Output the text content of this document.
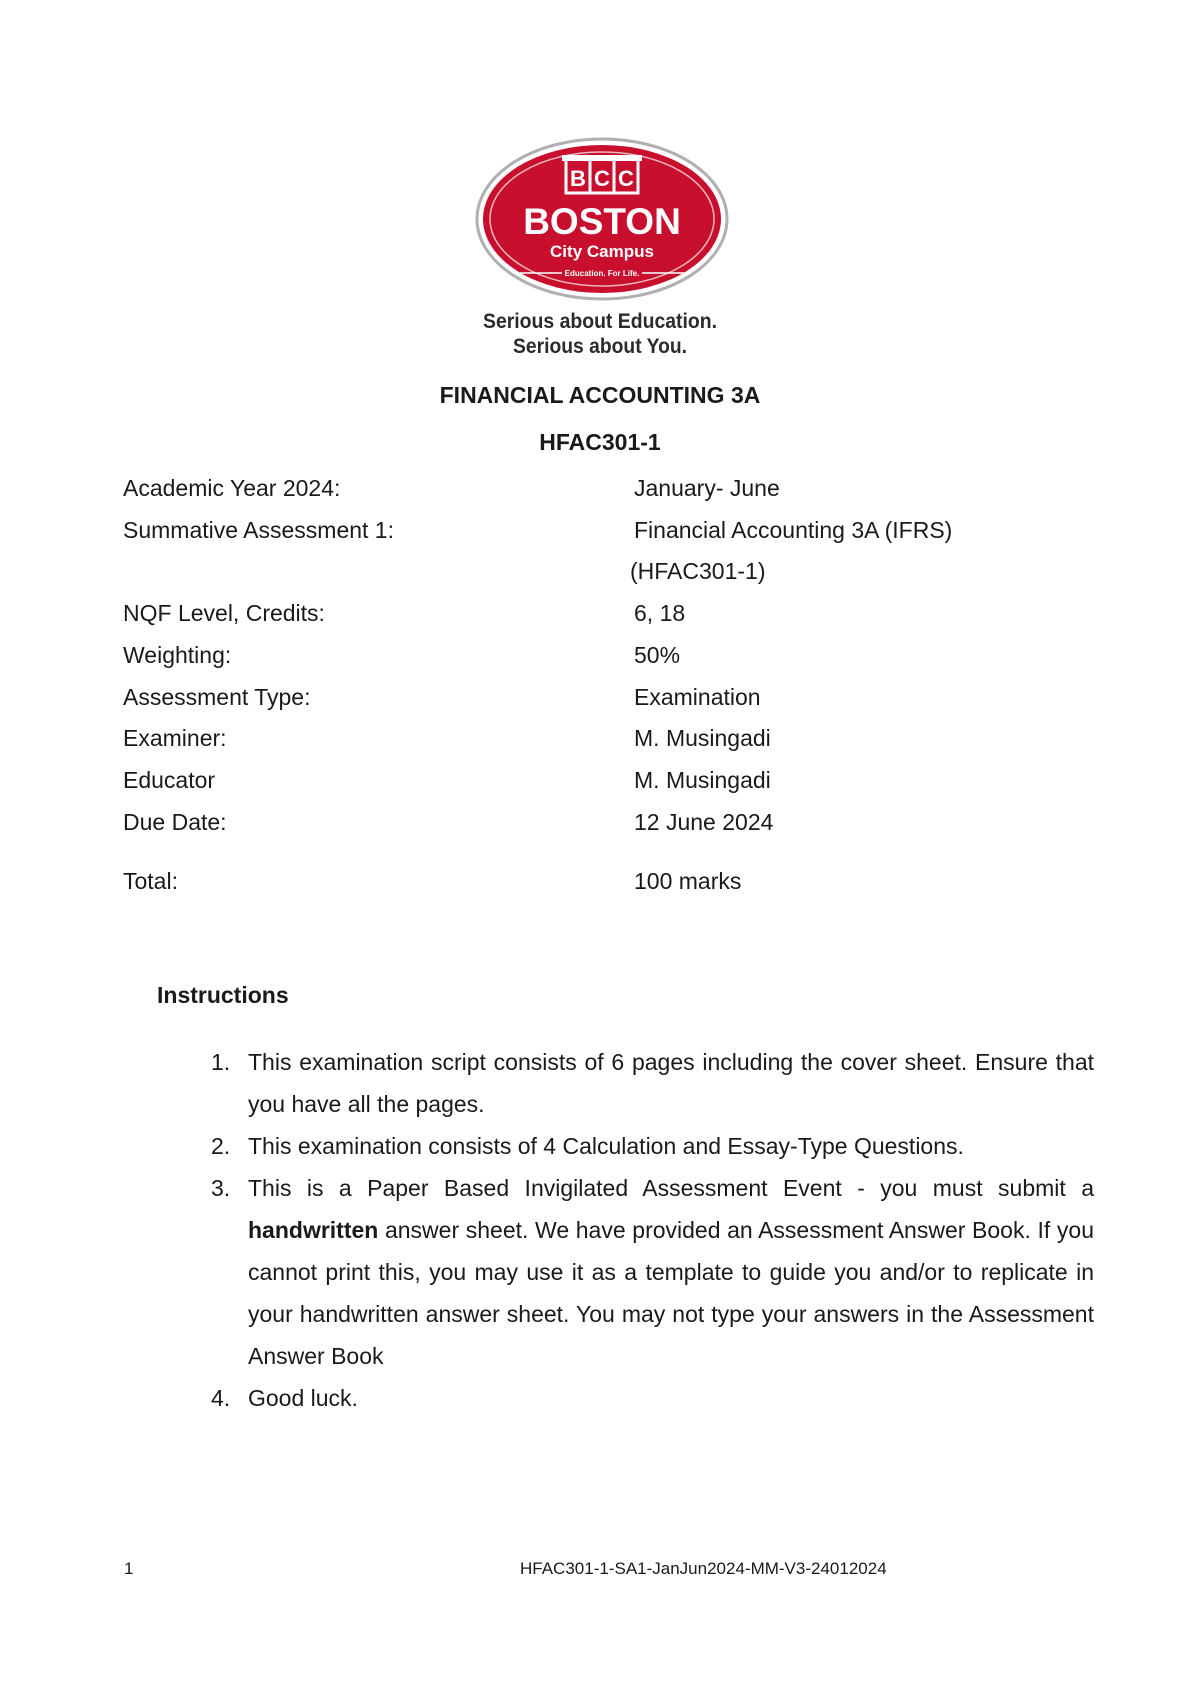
B C C
BOSTON
City Campus
Education. For Life.
Serious about Education.
Serious about You.
FINANCIAL ACCOUNTING 3A
HFAC301-1
Academic Year 2024:	January- June
Summative Assessment 1:	Financial Accounting 3A (IFRS)
(HFAC301-1)
NQF Level, Credits:	6, 18
Weighting:	50%
Assessment Type:	Examination
Examiner:	M. Musingadi
Educator	M. Musingadi
Due Date:	12 June 2024
Total:	100 marks
Instructions
1. This examination script consists of 6 pages including the cover sheet. Ensure that you have all the pages.
2. This examination consists of 4 Calculation and Essay-Type Questions.
3. This is a Paper Based Invigilated Assessment Event - you must submit a handwritten answer sheet. We have provided an Assessment Answer Book. If you cannot print this, you may use it as a template to guide you and/or to replicate in your handwritten answer sheet. You may not type your answers in the Assessment Answer Book
4. Good luck.
1	HFAC301-1-SA1-JanJun2024-MM-V3-24012024
